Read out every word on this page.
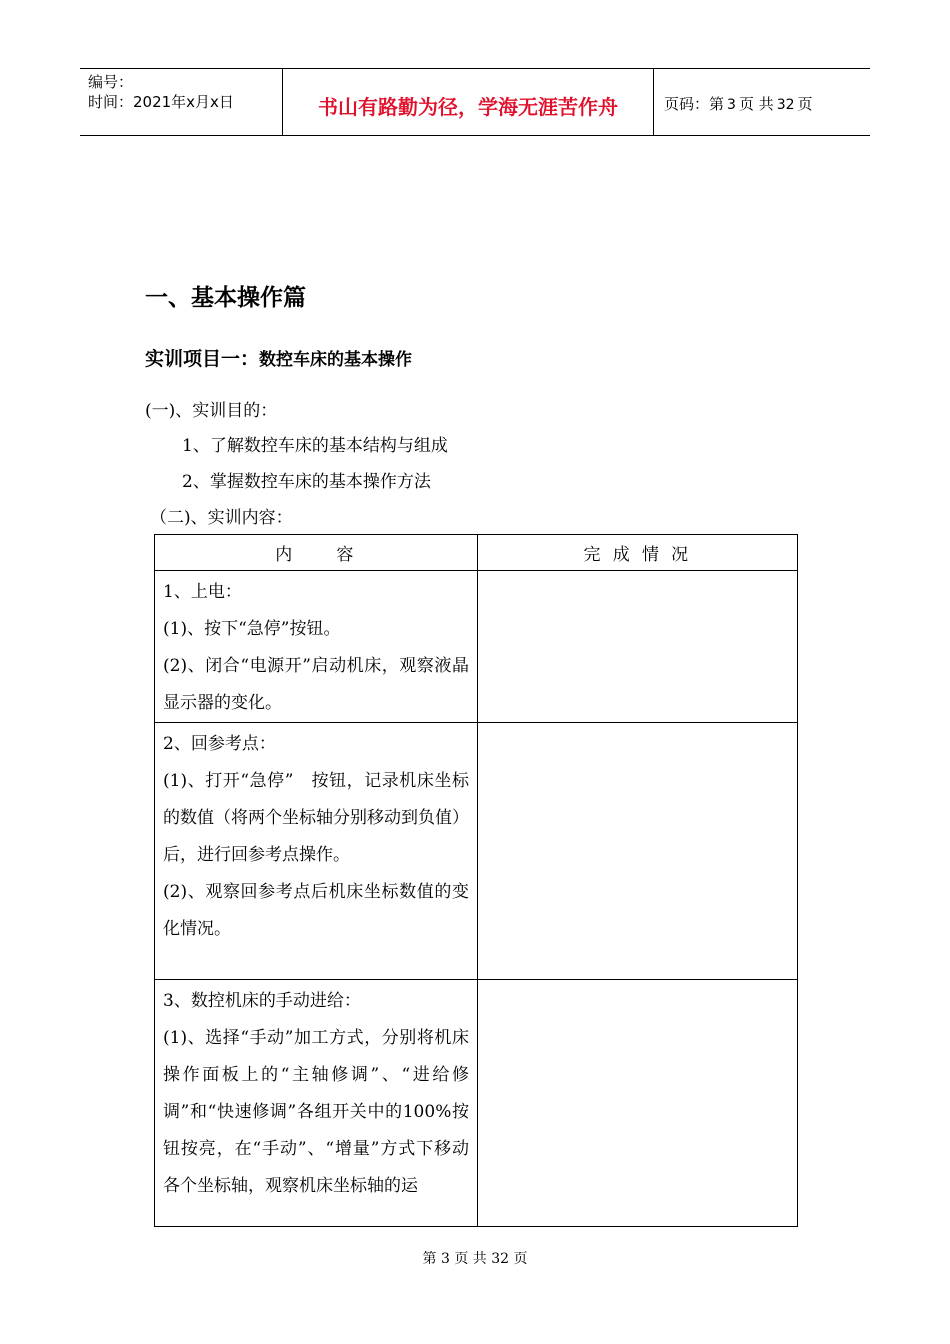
编号：
时间：2021年x月x日	书山有路勤为径，学海无涯苦作舟	页码：第 3 页 共 32 页
一、基本操作篇
实训项目一：数控车床的基本操作
(一)、实训目的：
1、了解数控车床的基本结构与组成
2、掌握数控车床的基本操作方法
（二)、实训内容：
内　　容	完 成 情 况

1、上电：

(1)、按下“急停”按钮。

(2)、闭合“电源开”启动机床，观察液晶显示器的变化。	

2、回参考点：

(1)、打开“急停”　按钮，记录机床坐标的数值（将两个坐标轴分别移动到负值）后，进行回参考点操作。

(2)、观察回参考点后机床坐标数值的变化情况。	

3、数控机床的手动进给：

(1)、选择“手动”加工方式，分别将机床操作面板上的“主轴修调”、“进给修调”和“快速修调”各组开关中的100%按钮按亮，在“手动”、“增量”方式下移动各个坐标轴，观察机床坐标轴的运	

第 3 页 共 32 页
